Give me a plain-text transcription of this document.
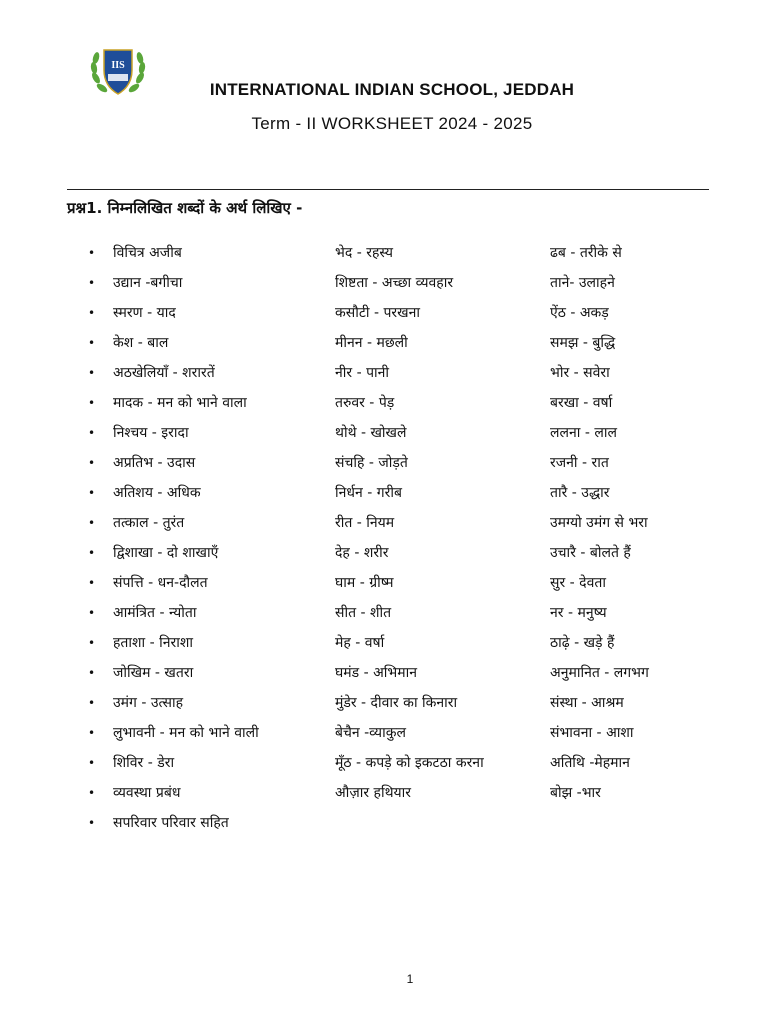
IIS
INTERNATIONAL INDIAN SCHOOL, JEDDAH
Term - II WORKSHEET 2024 - 2025
प्रश्न1. निम्नलिखित शब्दों के अर्थ लिखिए -
• विचित्र अजीब	भेद - रहस्य	ढब - तरीके से
• उद्यान -बगीचा	शिष्टता - अच्छा व्यवहार	ताने- उलाहने
• स्मरण - याद	कसौटी - परखना	ऐंठ - अकड़
• केश - बाल	मीनन - मछली	समझ - बुद्धि
• अठखेलियाँ - शरारतें	नीर - पानी	भोर - सवेरा
• मादक - मन को भाने वाला	तरुवर - पेड़	बरखा - वर्षा
• निश्चय - इरादा	थोथे - खोखले	ललना - लाल
• अप्रतिभ - उदास	संचहि - जोड़ते	रजनी - रात
• अतिशय - अधिक	निर्धन - गरीब	तारै - उद्धार
• तत्काल - तुरंत	रीत - नियम	उमग्यो उमंग से भरा
• द्विशाखा - दो शाखाएँ	देह - शरीर	उचारै - बोलते हैं
• संपत्ति - धन-दौलत	घाम - ग्रीष्म	सुर - देवता
• आमंत्रित - न्योता	सीत - शीत	नर - मनुष्य
• हताशा - निराशा	मेह - वर्षा	ठाढ़े - खड़े हैं
• जोखिम - खतरा	घमंड - अभिमान	अनुमानित - लगभग
• उमंग - उत्साह	मुंडेर - दीवार का किनारा	संस्था - आश्रम
• लुभावनी - मन को भाने वाली	बेचैन -व्याकुल	संभावना - आशा
• शिविर - डेरा	मूँठ - कपड़े को इकटठा करना	अतिथि -मेहमान
• व्यवस्था प्रबंध	औज़ार हथियार	बोझ -भार
• सपरिवार परिवार सहित
1
